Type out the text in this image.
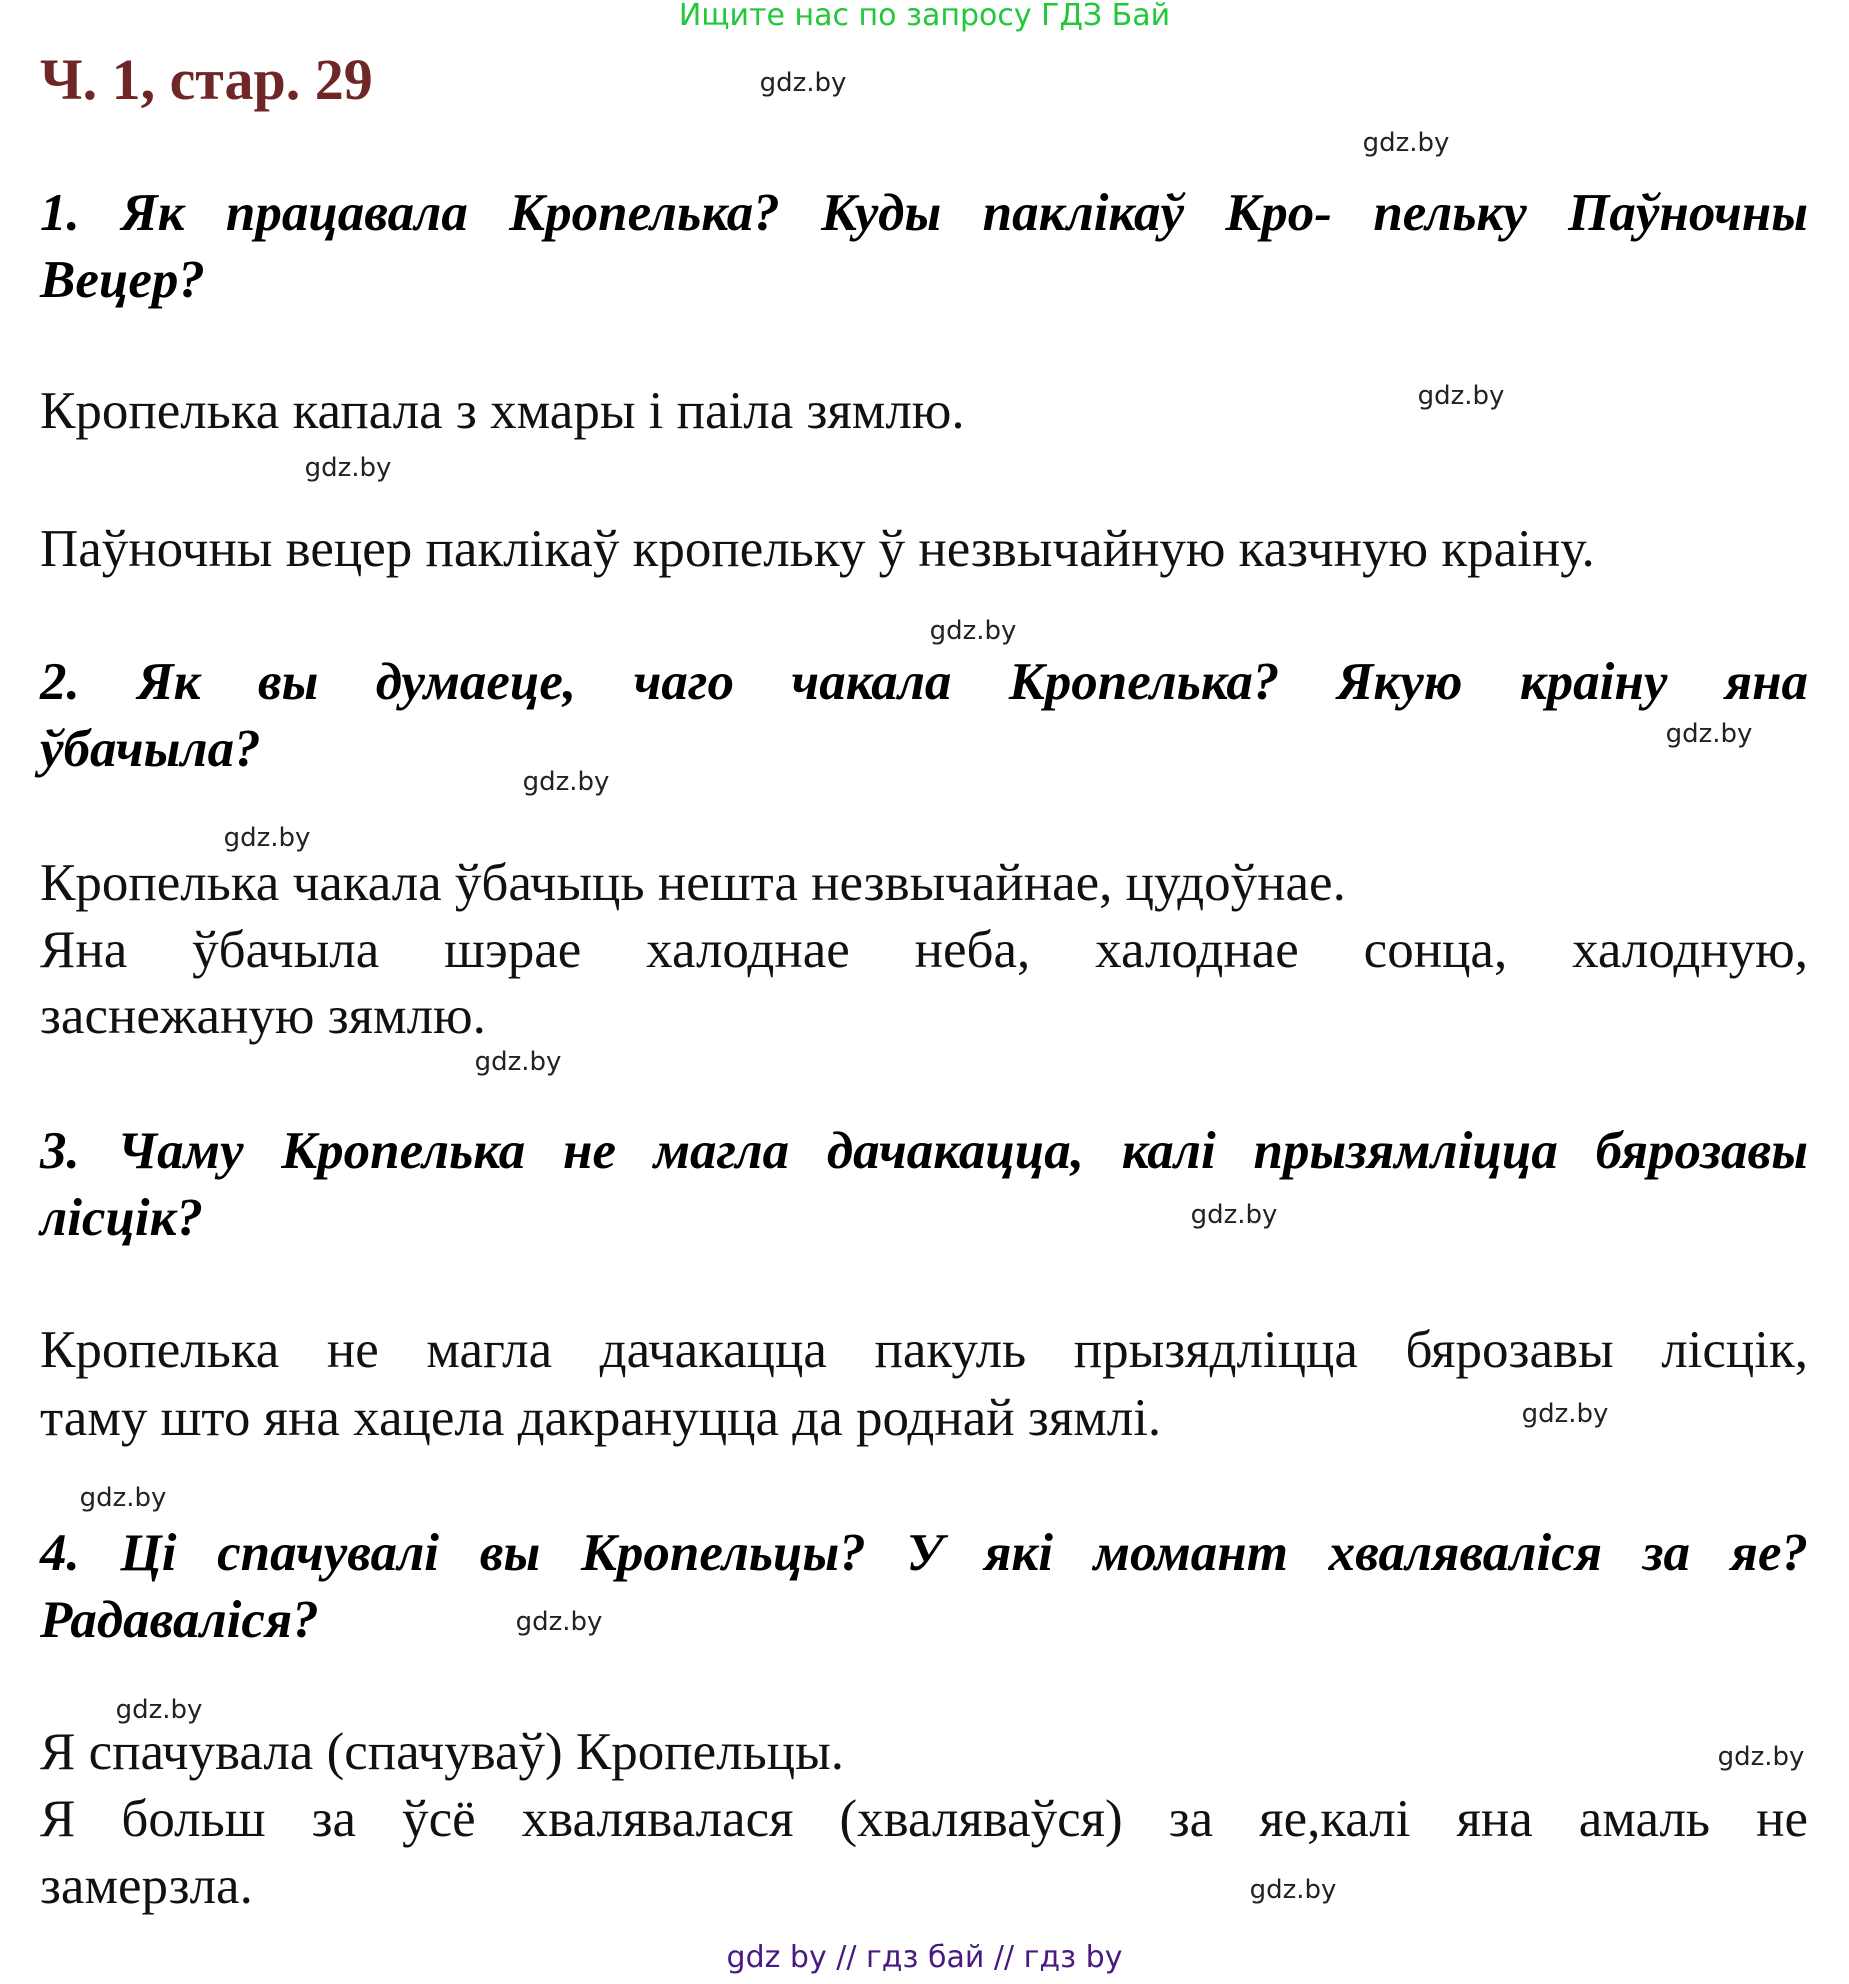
Ищите нас по запросу ГДЗ Бай
Ч. 1, стар. 29
1. Як працавала Кропелька? Куды паклікаў Кро- пельку Паўночны
Вецер?
Кропелька капала з хмары і паіла зямлю.
Паўночны вецер паклікаў кропельку ў незвычайную казчную краіну.
2. Як вы думаеце, чаго чакала Кропелька? Якую краіну яна
ўбачыла?
Кропелька чакала ўбачыць нешта незвычайнае, цудоўнае.
Яна ўбачыла шэрае халоднае неба, халоднае сонца, халодную,
заснежаную зямлю.
3. Чаму Кропелька не магла дачакацца, калі прызямліцца бярозавы
лісцік?
Кропелька не магла дачакацца пакуль прызядліцца бярозавы лісцік,
таму што яна хацела дакрануцца да роднай зямлі.
4. Ці спачувалі вы Кропельцы? У які момант хваляваліся за яе?
Радаваліся?
Я спачувала (спачуваў) Кропельцы.
Я больш за ўсё хвалявалася (хваляваўся) за яе,калі яна амаль не
замерзла.
gdz.by
gdz.by
gdz.by
gdz.by
gdz.by
gdz.by
gdz.by
gdz.by
gdz.by
gdz.by
gdz.by
gdz.by
gdz.by
gdz.by
gdz.by
gdz.by
gdz by // гдз бай // гдз by
